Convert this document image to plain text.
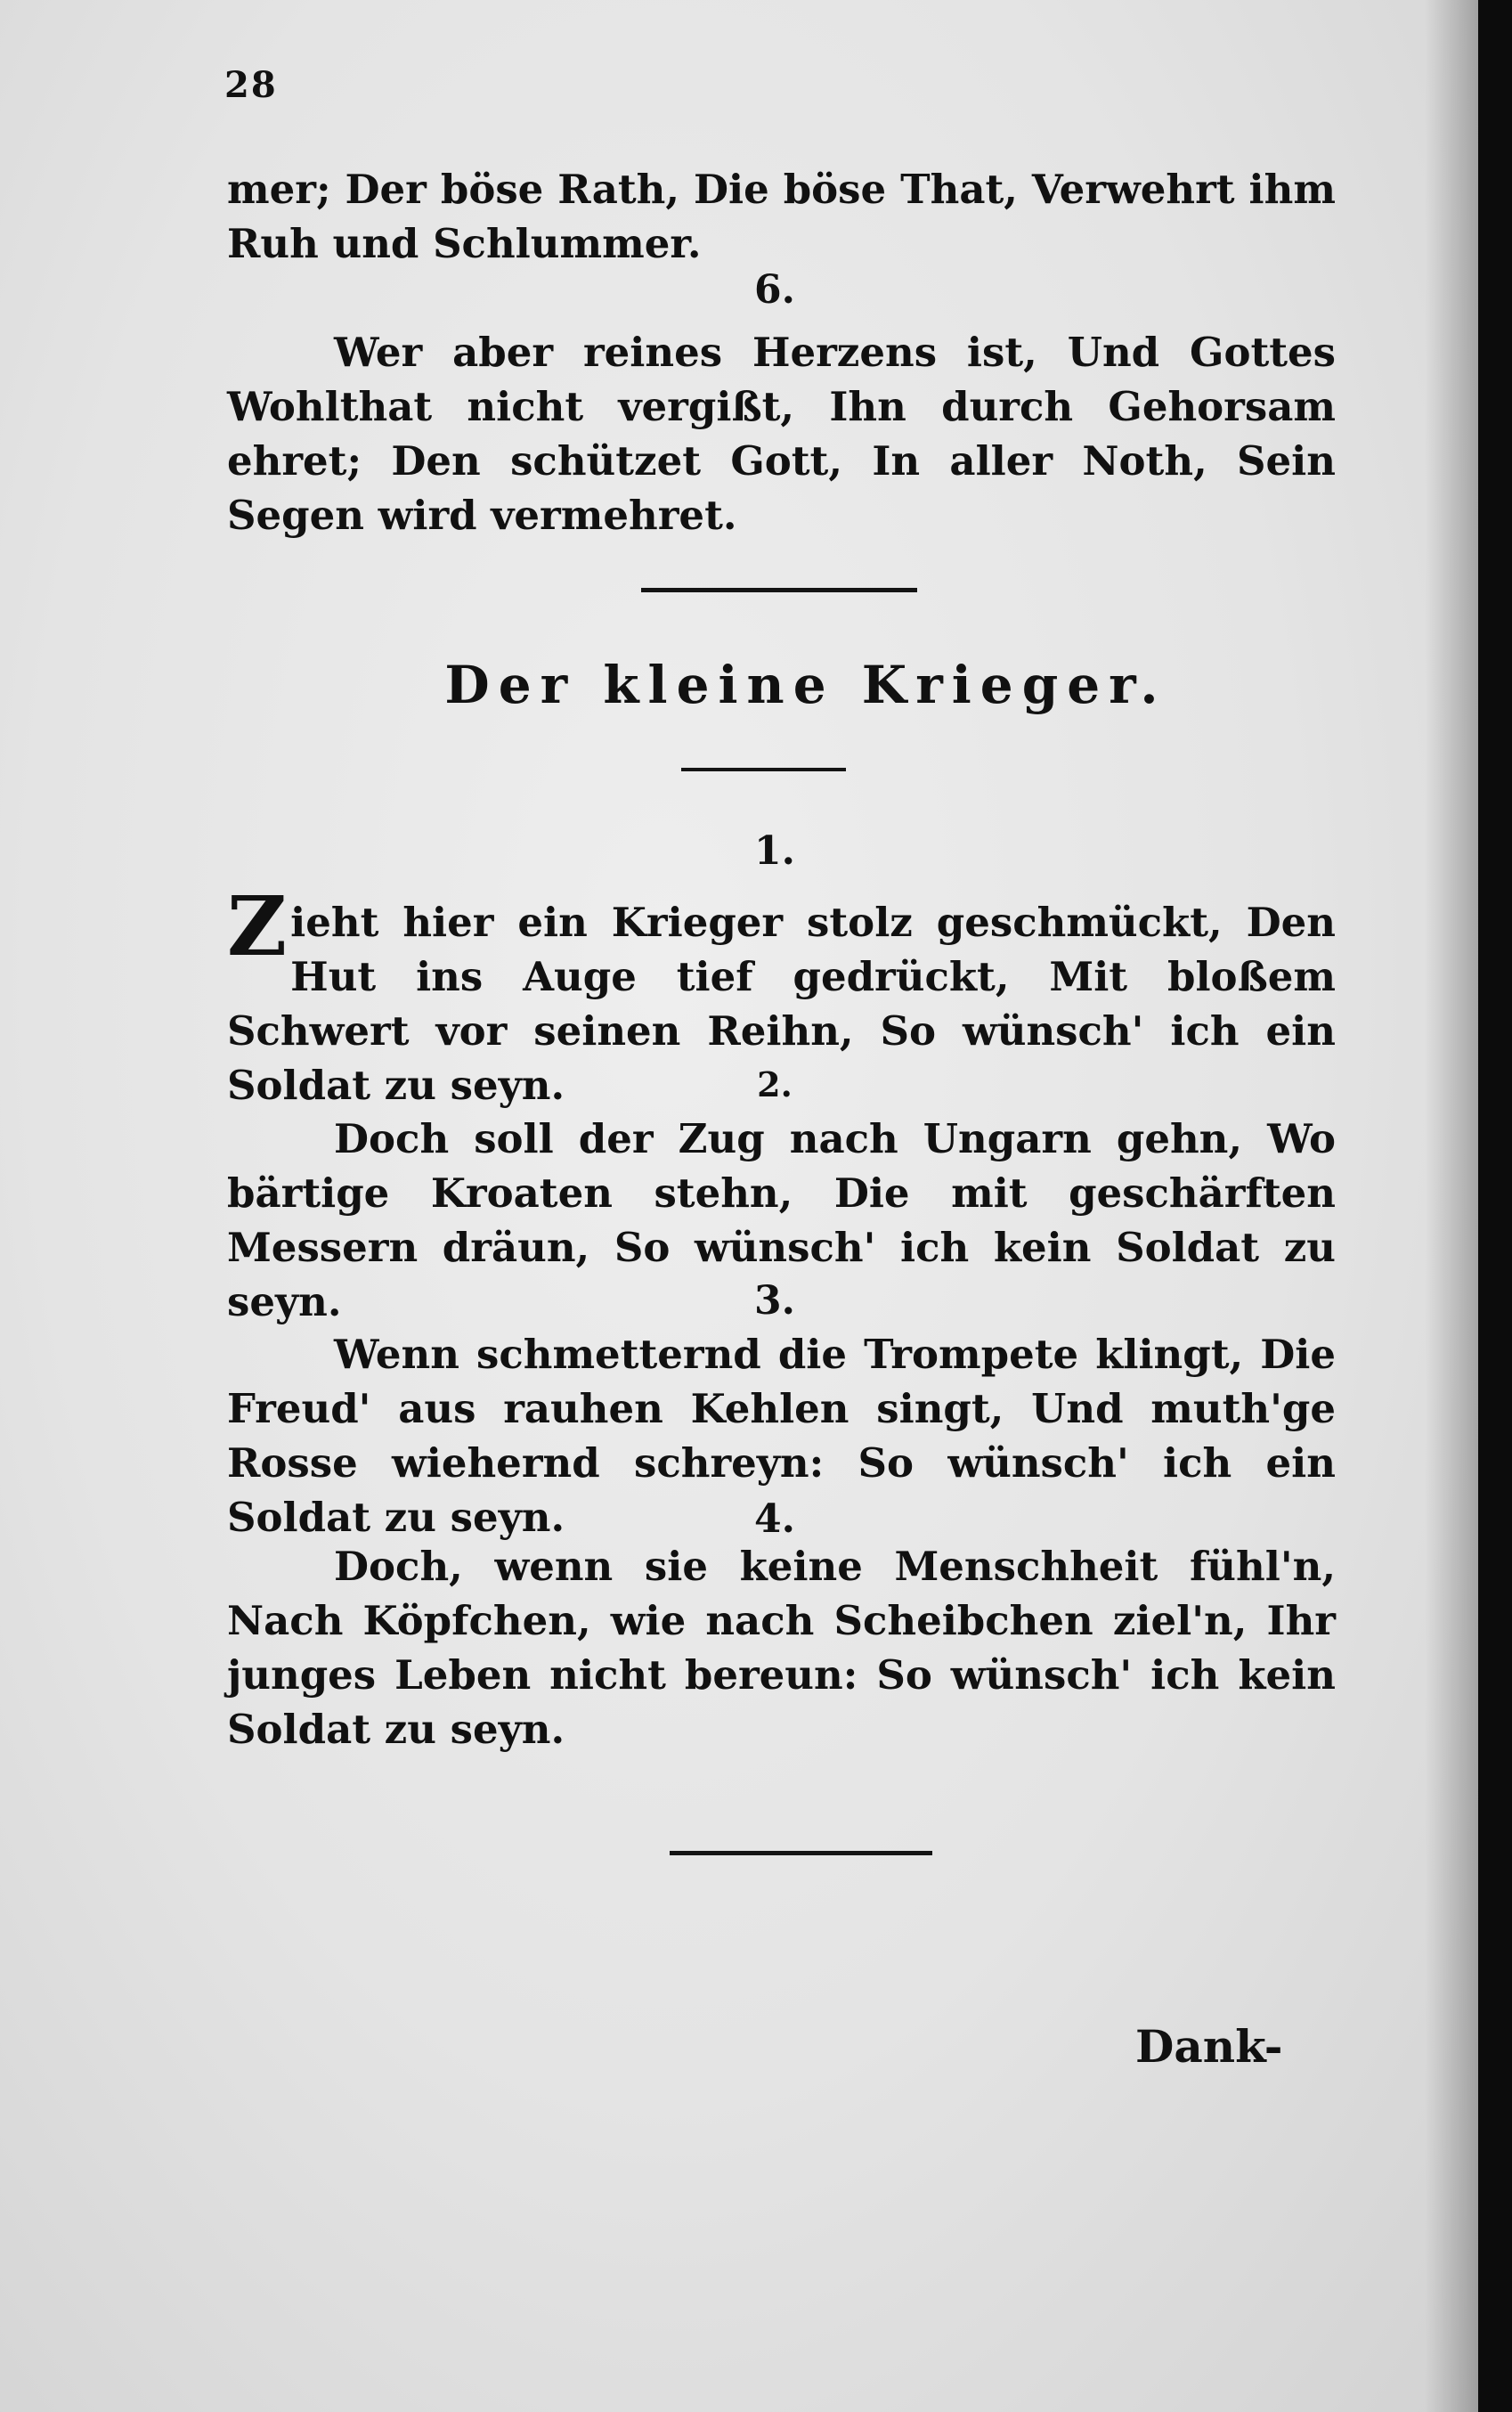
28

mer; Der böse Rath, Die böse That, Verwehrt ihm Ruh und Schlummer.

6.

Wer aber reines Herzens ist, Und Gottes Wohlthat nicht vergißt, Ihn durch Gehorsam ehret; Den schützet Gott, In aller Noth, Sein Segen wird vermehret.

Der kleine Krieger.

1.

Zieht hier ein Krieger stolz geschmückt, Den Hut ins Auge tief gedrückt, Mit bloßem Schwert vor seinen Reihn, So wünsch' ich ein Soldat zu seyn.	2.

Doch soll der Zug nach Ungarn gehn, Wo bärtige Kroaten stehn, Die mit geschärften Messern dräun, So wünsch' ich kein Soldat zu seyn.	3.

Wenn schmetternd die Trompete klingt, Die Freud' aus rauhen Kehlen singt, Und muth'ge Rosse wiehernd schreyn: So wünsch' ich ein Soldat zu seyn.	4.

Doch, wenn sie keine Menschheit fühl'n, Nach Köpfchen, wie nach Scheibchen ziel'n, Ihr junges Leben nicht bereun: So wünsch' ich kein Soldat zu seyn.

Dank-
